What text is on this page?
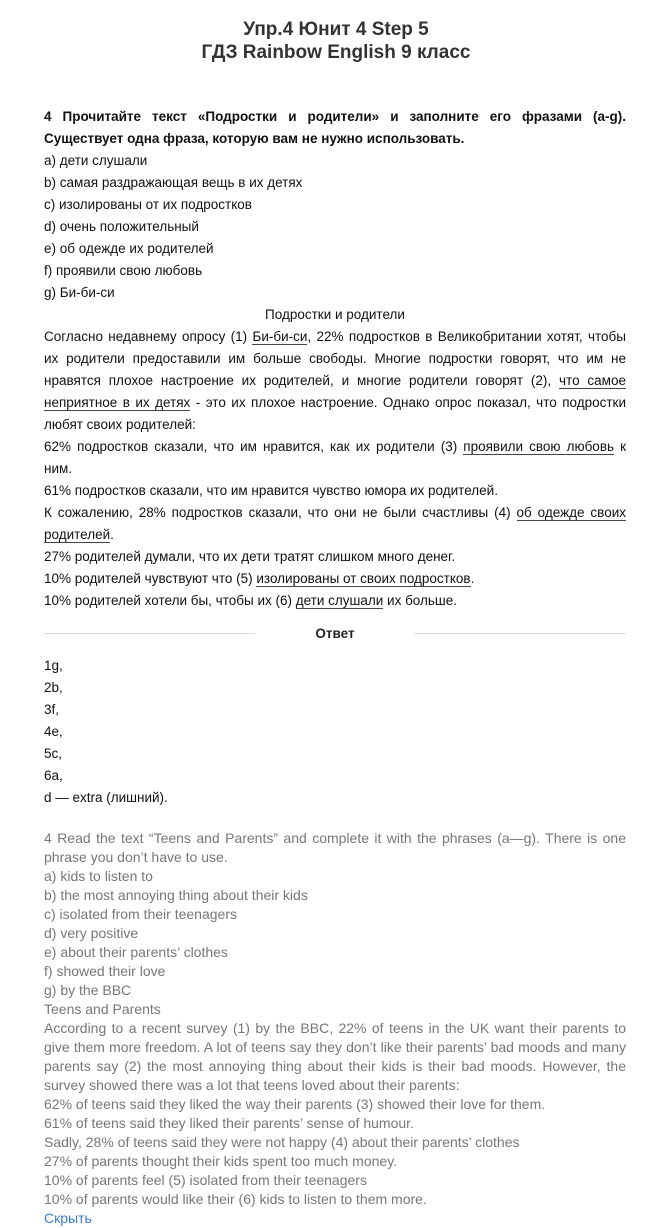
Упр.4 Юнит 4 Step 5
ГДЗ Rainbow English 9 класс

4 Прочитайте текст «Подростки и родители» и заполните его фразами (a-g). Существует одна фраза, которую вам не нужно использовать.

a) дети слушали

b) самая раздражающая вещь в их детях

c) изолированы от их подростков

d) очень положительный

e) об одежде их родителей

f) проявили свою любовь

g) Би-би-си

Подростки и родители

Согласно недавнему опросу (1) Би-би-си, 22% подростков в Великобритании хотят, чтобы их родители предоставили им больше свободы. Многие подростки говорят, что им не нравятся плохое настроение их родителей, и многие родители говорят (2), что самое неприятное в их детях - это их плохое настроение. Однако опрос показал, что подростки любят своих родителей:

62% подростков сказали, что им нравится, как их родители (3) проявили свою любовь к ним.

61% подростков сказали, что им нравится чувство юмора их родителей.

К сожалению, 28% подростков сказали, что они не были счастливы (4) об одежде своих родителей.

27% родителей думали, что их дети тратят слишком много денег.

10% родителей чувствуют что (5) изолированы от своих подростков.

10% родителей хотели бы, чтобы их (6) дети слушали их больше.

Ответ

1g,

2b,

3f,

4e,

5c,

6a,

d — extra (лишний).

4 Read the text “Teens and Parents” and complete it with the phrases (a—g). There is one phrase you don’t have to use.

a) kids to listen to

b) the most annoying thing about their kids

c) isolated from their teenagers

d) very positive

e) about their parents’ clothes

f) showed their love

g) by the BBC

Teens and Parents

According to a recent survey (1) by the BBC, 22% of teens in the UK want their parents to give them more freedom. A lot of teens say they don’t like their parents’ bad moods and many parents say (2) the most annoying thing about their kids is their bad moods. However, the survey showed there was a lot that teens loved about their parents:

62% of teens said they liked the way their parents (3) showed their love for them.

61% of teens said they liked their parents’ sense of humour.

Sadly, 28% of teens said they were not happy (4) about their parents’ clothes

27% of parents thought their kids spent too much money.

10% of parents feel (5) isolated from their teenagers

10% of parents would like their (6) kids to listen to them more.

Скрыть
